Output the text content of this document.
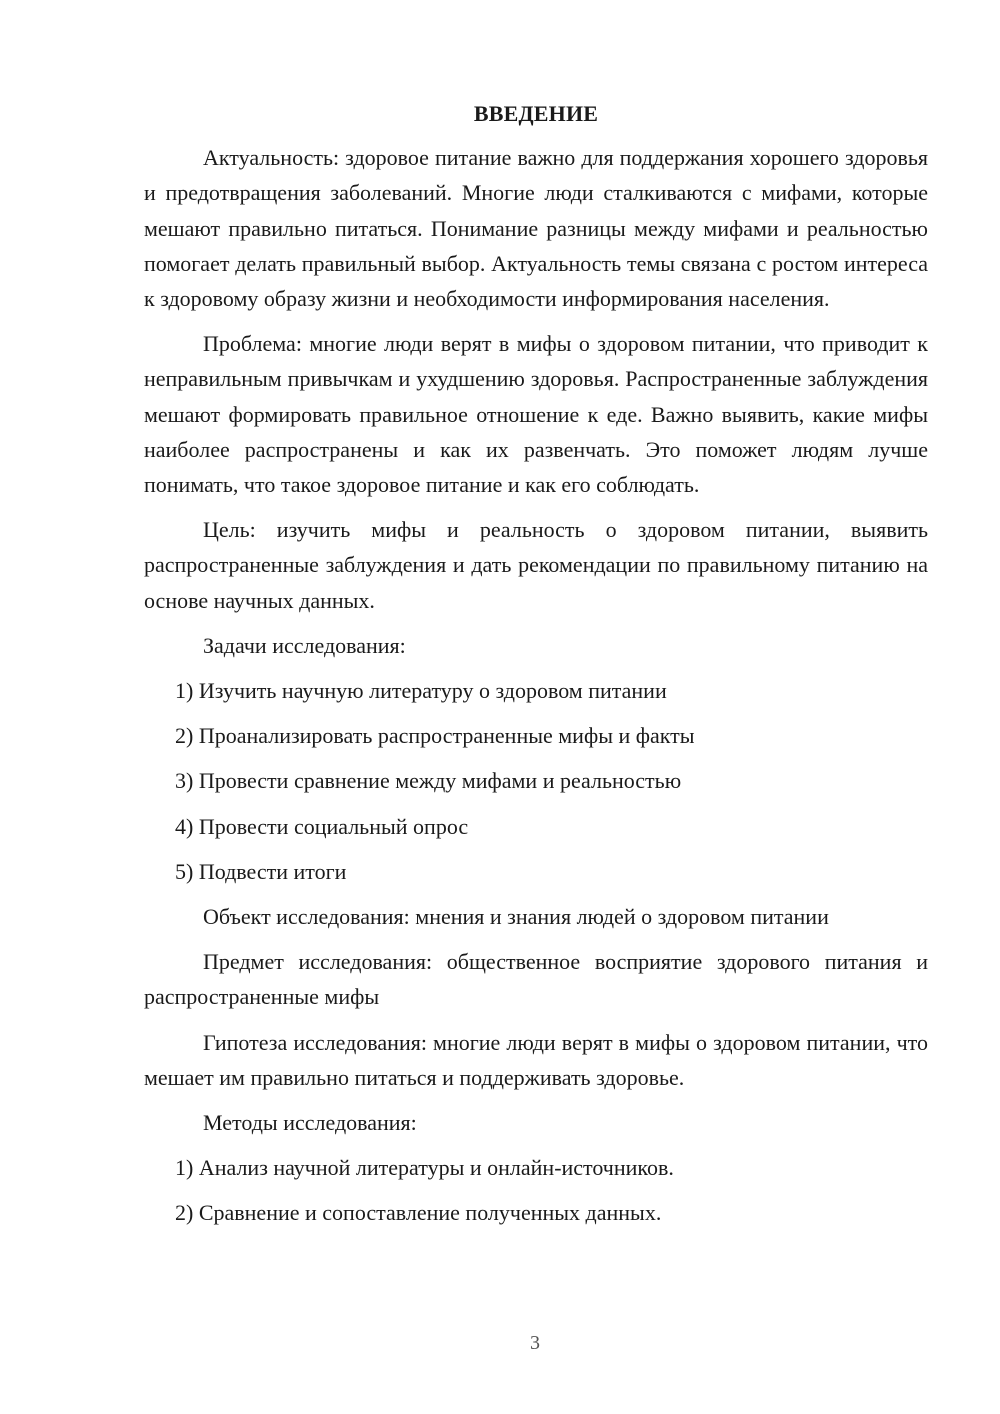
ВВЕДЕНИЕ

Актуальность: здоровое питание важно для поддержания хорошего здоровья и предотвращения заболеваний. Многие люди сталкиваются с мифами, которые мешают правильно питаться. Понимание разницы между мифами и реальностью помогает делать правильный выбор. Актуальность темы связана с ростом интереса к здоровому образу жизни и необходимости информирования населения.

Проблема: многие люди верят в мифы о здоровом питании, что приводит к неправильным привычкам и ухудшению здоровья. Распространенные заблуждения мешают формировать правильное отношение к еде. Важно выявить, какие мифы наиболее распространены и как их развенчать. Это поможет людям лучше понимать, что такое здоровое питание и как его соблюдать.

Цель: изучить мифы и реальность о здоровом питании, выявить распространенные заблуждения и дать рекомендации по правильному питанию на основе научных данных.

Задачи исследования:

1) Изучить научную литературу о здоровом питании
2) Проанализировать распространенные мифы и факты
3) Провести сравнение между мифами и реальностью
4) Провести социальный опрос
5) Подвести итоги

Объект исследования: мнения и знания людей о здоровом питании

Предмет исследования: общественное восприятие здорового питания и распространенные мифы

Гипотеза исследования: многие люди верят в мифы о здоровом питании, что мешает им правильно питаться и поддерживать здоровье.

Методы исследования:

1) Анализ научной литературы и онлайн-источников.
2) Сравнение и сопоставление полученных данных.
3
